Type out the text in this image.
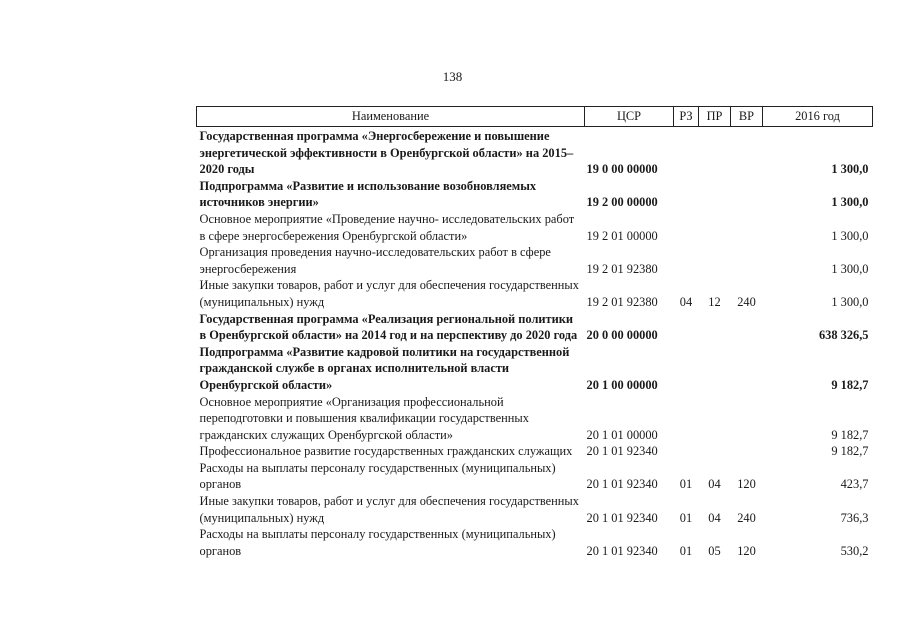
138
Наименование	ЦСР	РЗ	ПР	ВР	2016 год
Государственная программа «Энергосбережение и повышение энергетической эффективности в Оренбургской области» на 2015–2020 годы	19 0 00 00000				1 300,0
Подпрограмма «Развитие и использование возобновляемых источников энергии»	19 2 00 00000				1 300,0
Основное мероприятие «Проведение научно- исследовательских работ в сфере энергосбережения Оренбургской области»	19 2 01 00000				1 300,0
Организация проведения научно-исследовательских работ в сфере энергосбережения	19 2 01 92380				1 300,0
Иные закупки товаров, работ и услуг для обеспечения государственных (муниципальных) нужд	19 2 01 92380	04	12	240	1 300,0
Государственная программа «Реализация региональной политики в Оренбургской области» на 2014 год и на перспективу до 2020 года	20 0 00 00000				638 326,5
Подпрограмма «Развитие кадровой политики на государственной гражданской службе в органах исполнительной власти Оренбургской области»	20 1 00 00000				9 182,7
Основное мероприятие «Организация профессиональной переподготовки и повышения квалификации государственных гражданских служащих Оренбургской области»	20 1 01 00000				9 182,7
Профессиональное развитие государственных гражданских служащих	20 1 01 92340				9 182,7
Расходы на выплаты персоналу государственных (муниципальных) органов	20 1 01 92340	01	04	120	423,7
Иные закупки товаров, работ и услуг для обеспечения государственных (муниципальных) нужд	20 1 01 92340	01	04	240	736,3
Расходы на выплаты персоналу государственных (муниципальных) органов	20 1 01 92340	01	05	120	530,2
